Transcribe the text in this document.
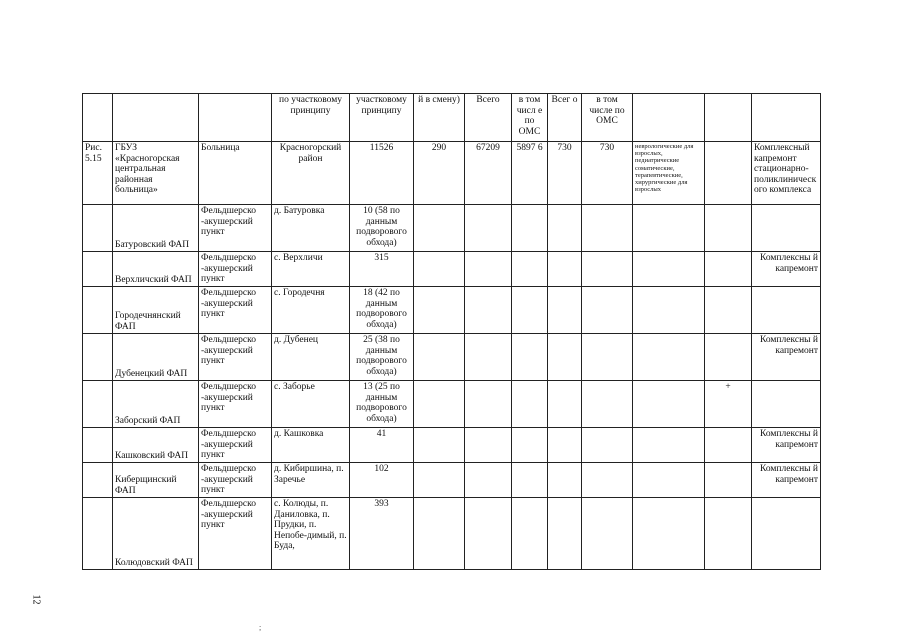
			по участковому принципу	участковому принципу	й в смену)	Всего	в том числ е по ОМС	Всег о	в том числе по ОМС			
Рис. 5.15	ГБУЗ «Красногорская центральная районная больница»	Больница	Красногорский район	11526	290	67209	5897 6	730	730	неврологические для взрослых, педиатрические соматические, терапевтические, хирургические для взрослых		Комплексный капремонт стационарно-поликлинического комплекса

	Батуровский ФАП	Фельдшерско -акушерский пункт	д. Батуровка	10 (58 по данным подворового обхода)								
	Верхличский ФАП	Фельдшерско -акушерский пункт	с. Верхличи	315								Комплексны й капремонт
	Городечнянский ФАП	Фельдшерско -акушерский пункт	с. Городечня	18 (42 по данным подворового обхода)								
	Дубенецкий ФАП	Фельдшерско -акушерский пункт	д. Дубенец	25 (38 по данным подворового обхода)								Комплексны й капремонт
	Заборский ФАП	Фельдшерско -акушерский пункт	с. Заборье	13 (25 по данным подворового обхода)							+	
	Кашковский ФАП	Фельдшерско -акушерский пункт	д. Кашковка	41								Комплексны й капремонт
	Киберщинский ФАП	Фельдшерско -акушерский пункт	д. Кибиршина, п. Заречье	102								Комплексны й капремонт
	Колюдовский ФАП	Фельдшерско -акушерский пункт	с. Колюды, п. Даниловка, п. Прудки, п. Непобе-димый, п. Буда,	393								
12
;
